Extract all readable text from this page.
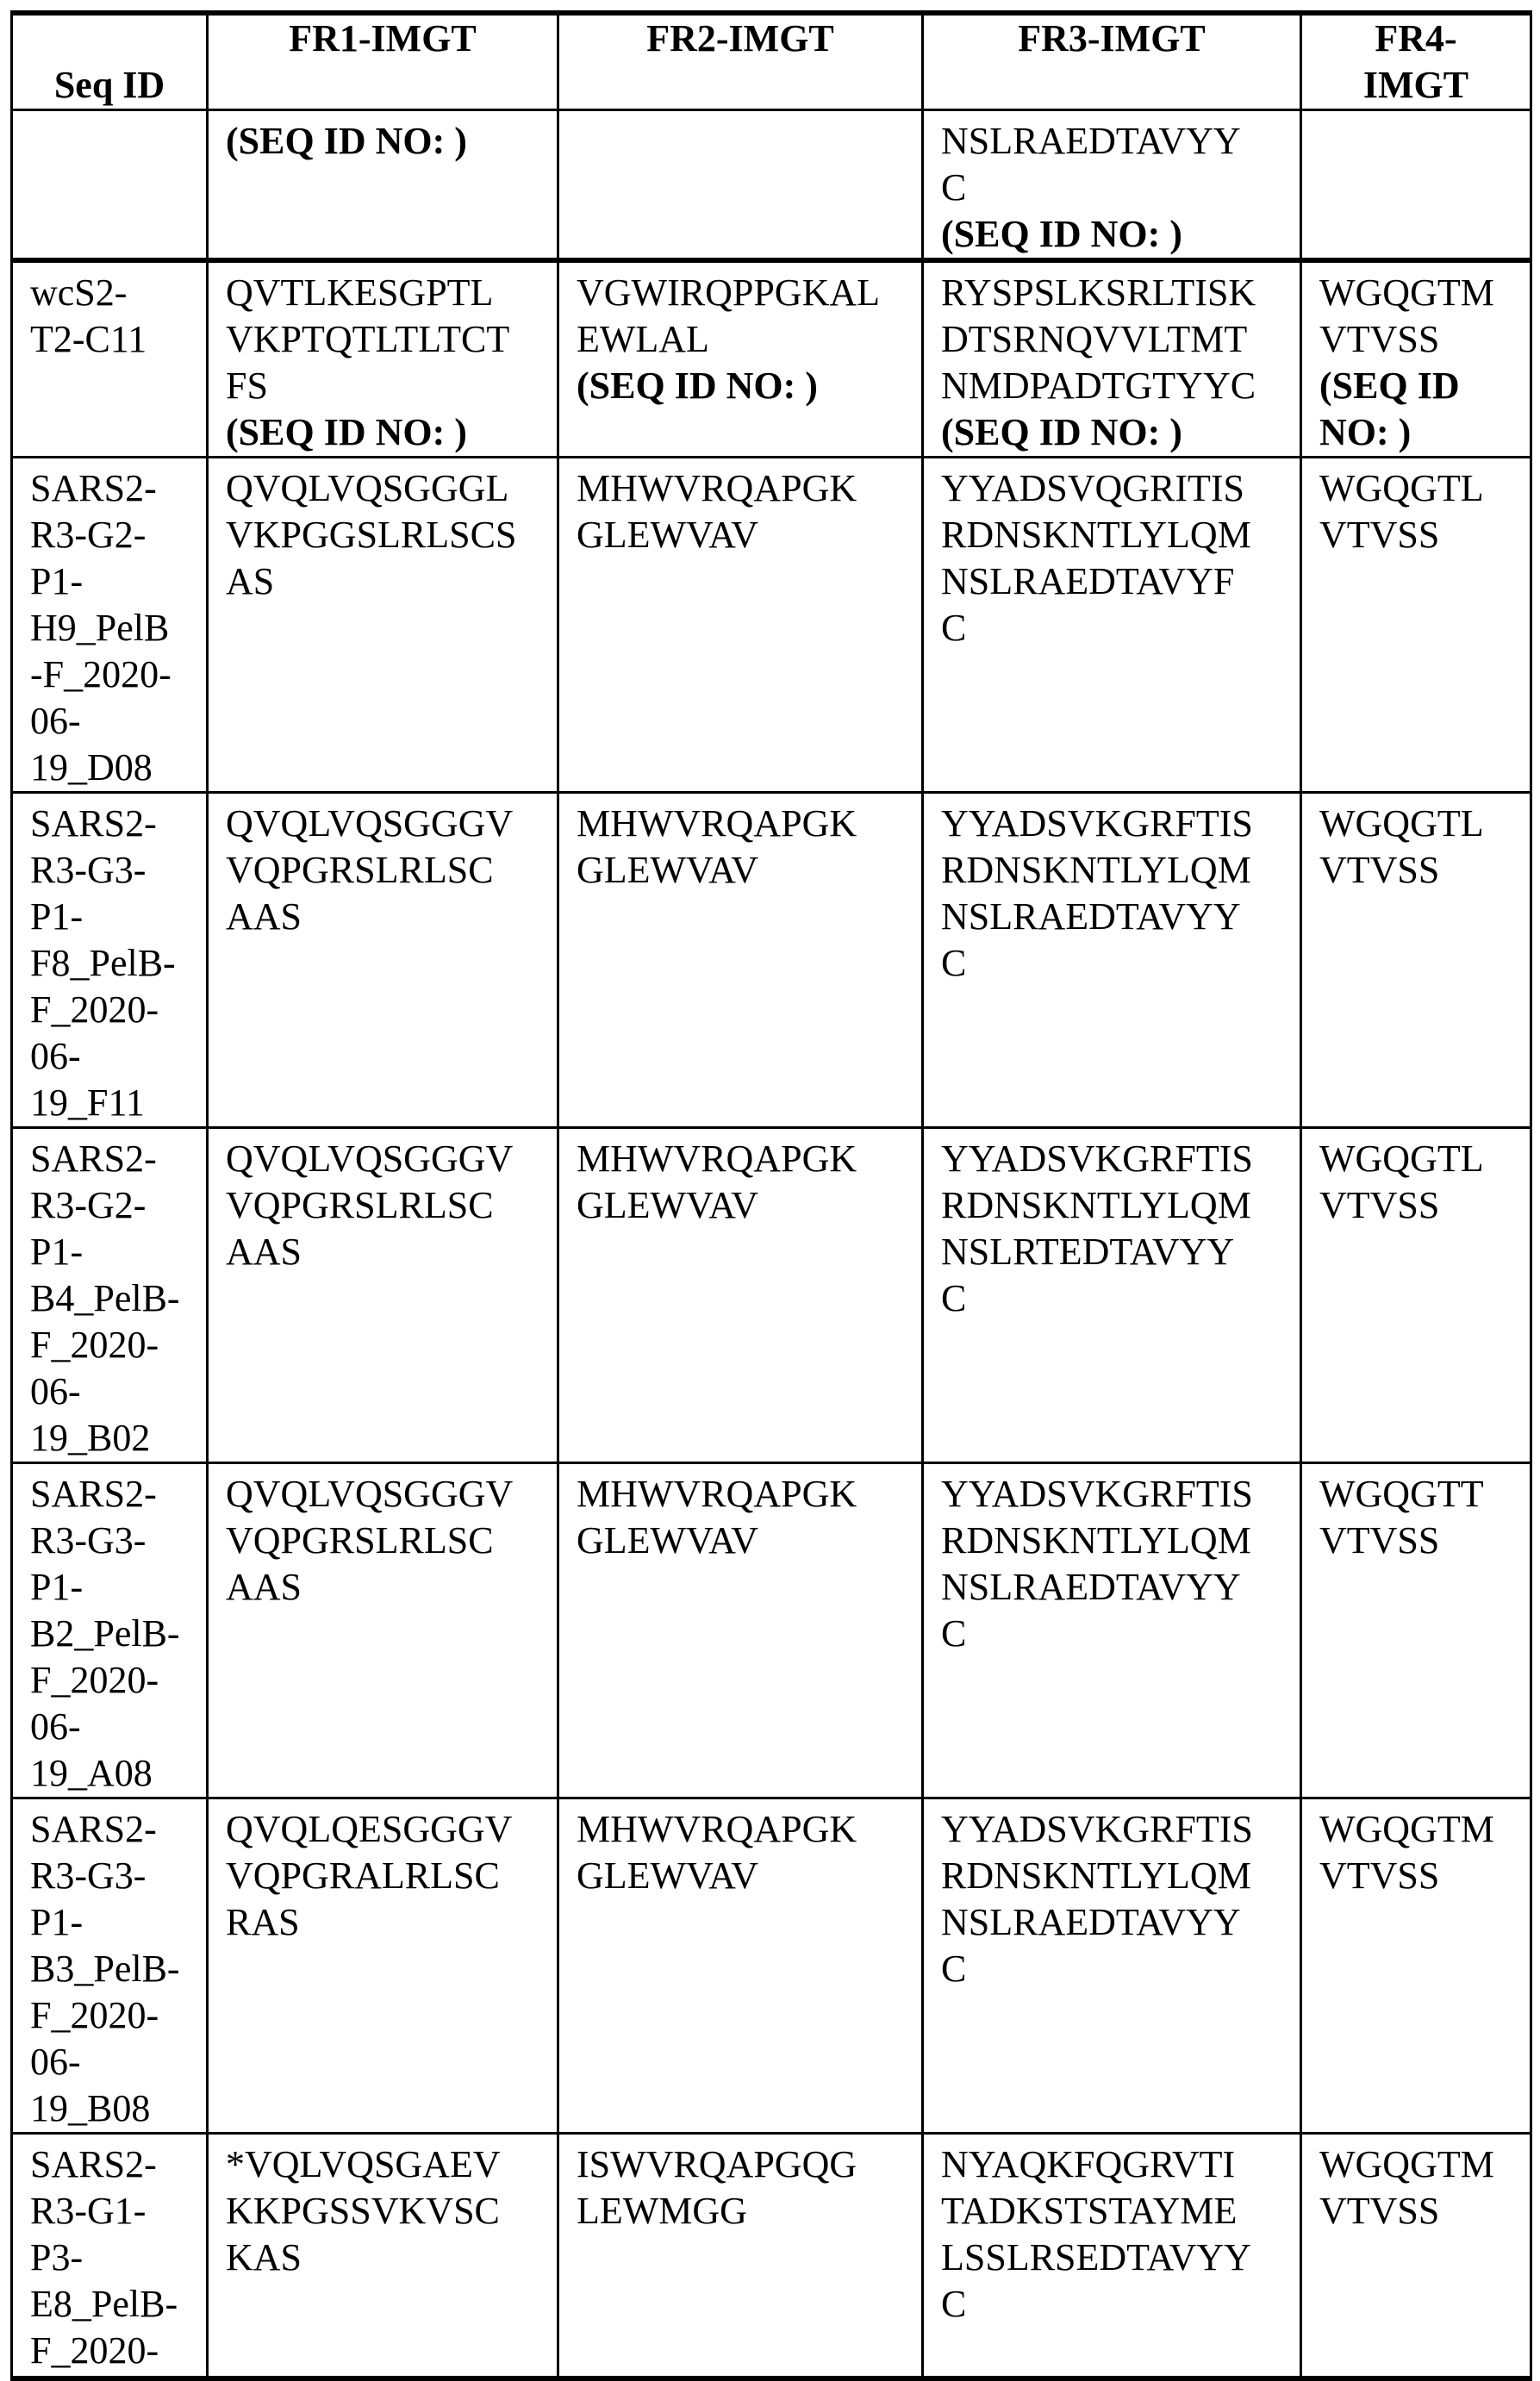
Seq ID

FR1-IMGT	FR2-IMGT	FR3-IMGT	FR4-
IMGT

(SEQ ID NO: )		NSLRAEDTAVYY
C
(SEQ ID NO: )

wcS2-
T2-C11

QVTLKESGPTL
VKPTQTLTLTCT
FS
(SEQ ID NO: )

VGWIRQPPGKAL
EWLAL
(SEQ ID NO: )

RYSPSLKSRLTISK
DTSRNQVVLTMT
NMDPADTGTYYC
(SEQ ID NO: )

WGQGTM
VTVSS
(SEQ ID
NO: )

SARS2-
R3-G2-
P1-
H9_PelB
-F_2020-
06-
19_D08

QVQLVQSGGGL
VKPGGSLRLSCS
AS

MHWVRQAPGK
GLEWVAV

YYADSVQGRITIS
RDNSKNTLYLQM
NSLRAEDTAVYF
C

WGQGTL
VTVSS

SARS2-
R3-G3-
P1-
F8_PelB-
F_2020-
06-
19_F11

QVQLVQSGGGV
VQPGRSLRLSC
AAS

MHWVRQAPGK
GLEWVAV

YYADSVKGRFTIS
RDNSKNTLYLQM
NSLRAEDTAVYY
C

WGQGTL
VTVSS

SARS2-
R3-G2-
P1-
B4_PelB-
F_2020-
06-
19_B02

QVQLVQSGGGV
VQPGRSLRLSC
AAS

MHWVRQAPGK
GLEWVAV

YYADSVKGRFTIS
RDNSKNTLYLQM
NSLRTEDTAVYY
C

WGQGTL
VTVSS

SARS2-
R3-G3-
P1-
B2_PelB-
F_2020-
06-
19_A08

QVQLVQSGGGV
VQPGRSLRLSC
AAS

MHWVRQAPGK
GLEWVAV

YYADSVKGRFTIS
RDNSKNTLYLQM
NSLRAEDTAVYY
C

WGQGTT
VTVSS

SARS2-
R3-G3-
P1-
B3_PelB-
F_2020-
06-
19_B08

QVQLQESGGGV
VQPGRALRLSC
RAS

MHWVRQAPGK
GLEWVAV

YYADSVKGRFTIS
RDNSKNTLYLQM
NSLRAEDTAVYY
C

WGQGTM
VTVSS

SARS2-
R3-G1-
P3-
E8_PelB-
F_2020-

*VQLVQSGAEV
KKPGSSVKVSC
KAS

ISWVRQAPGQG
LEWMGG

NYAQKFQGRVTI
TADKSTSTAYME
LSSLRSEDTAVYY
C

WGQGTM
VTVSS
